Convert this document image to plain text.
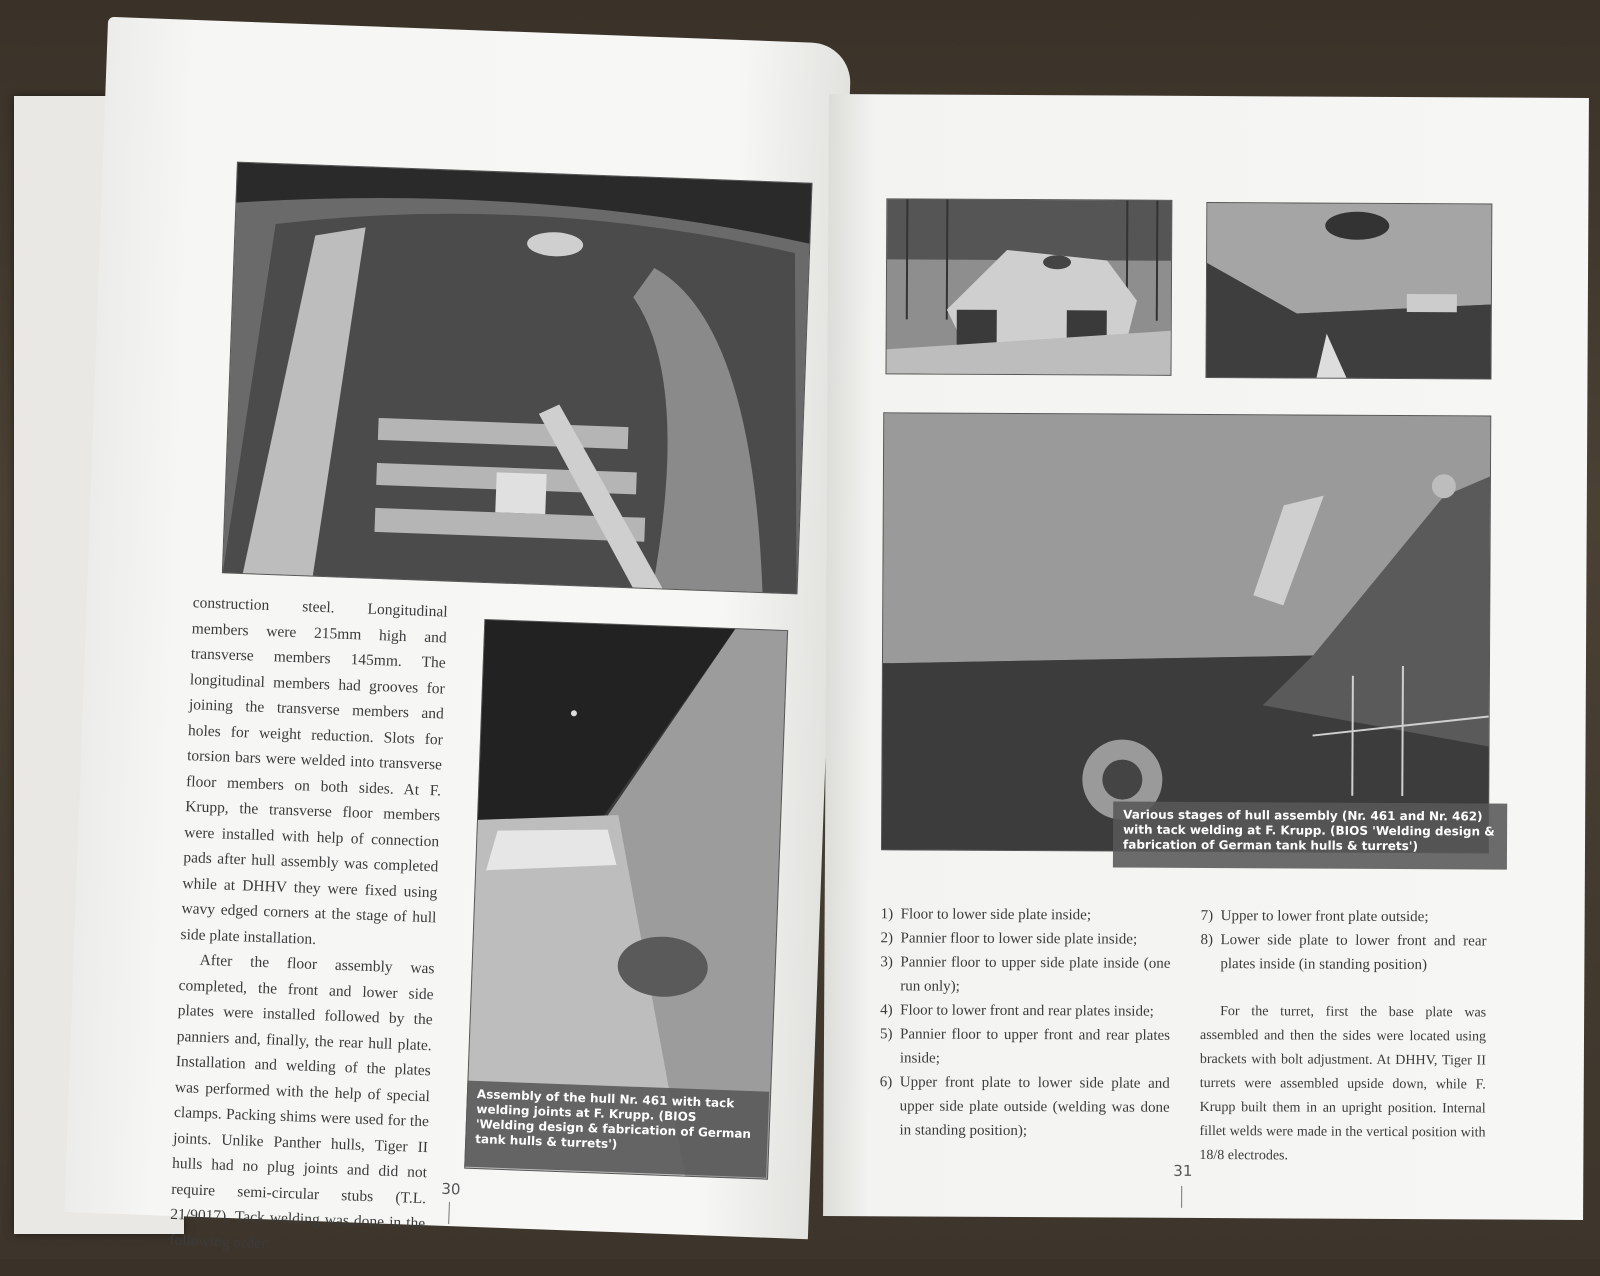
construction steel. Longitudinal members were 215mm high and transverse members 145mm. The longitudinal members had grooves for joining the transverse members and holes for weight reduction. Slots for torsion bars were welded into transverse floor members on both sides. At F. Krupp, the transverse floor members were installed with help of connection pads after hull assembly was completed while at DHHV they were fixed using wavy edged corners at the stage of hull side plate installation.

After the floor assembly was completed, the front and lower side plates were installed followed by the panniers and, finally, the rear hull plate. Installation and welding of the plates was performed with the help of special clamps. Packing shims were used for the joints. Unlike Panther hulls, Tiger II hulls had no plug joints and did not require semi-circular stubs (T.L. 21/9017). Tack welding was done in the following order:

Assembly of the hull Nr. 461 with tack welding joints at F. Krupp. (BIOS 'Welding design & fabrication of German tank hulls & turrets')
30
Various stages of hull assembly (Nr. 461 and Nr. 462) with tack welding at F. Krupp. (BIOS 'Welding design & fabrication of German tank hulls & turrets')
1) Floor to lower side plate inside;
2) Pannier floor to lower side plate inside;
3) Pannier floor to upper side plate inside (one run only);
4) Floor to lower front and rear plates inside;
5) Pannier floor to upper front and rear plates inside;
6) Upper front plate to lower side plate and upper side plate outside (welding was done in standing position);
7) Upper to lower front plate outside;
8) Lower side plate to lower front and rear plates inside (in standing position)

For the turret, first the base plate was assembled and then the sides were located using brackets with bolt adjustment. At DHHV, Tiger II turrets were assembled upside down, while F. Krupp built them in an upright position. Internal fillet welds were made in the vertical position with 18/8 electrodes.

31
